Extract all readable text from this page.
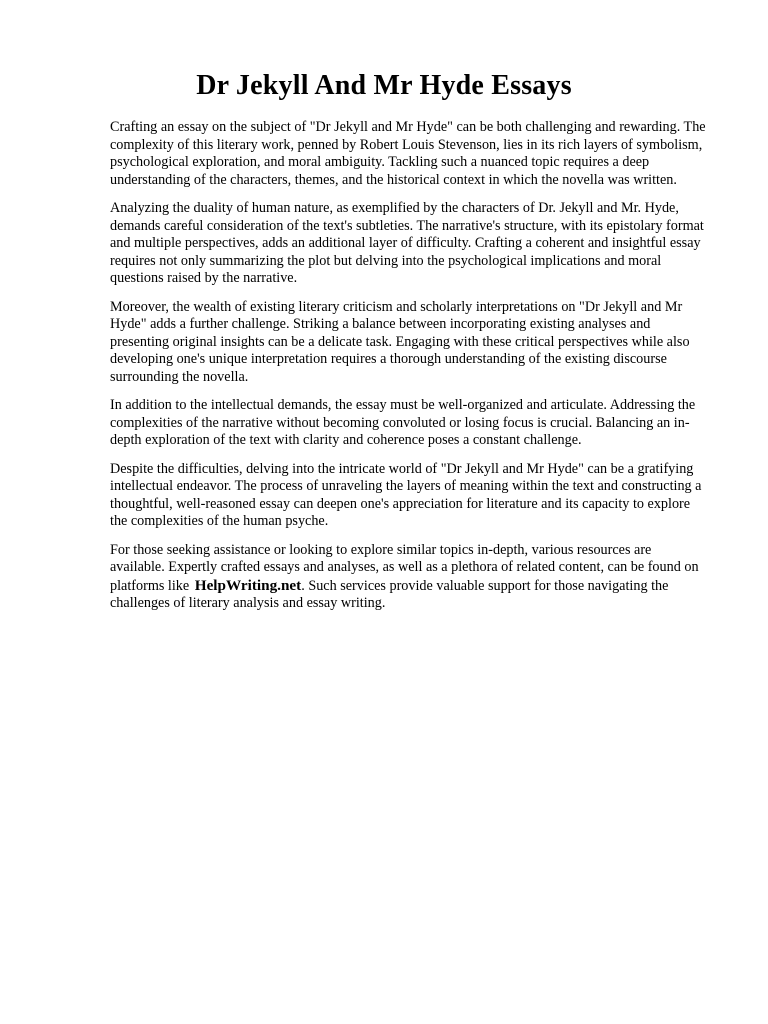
Dr Jekyll And Mr Hyde Essays

Crafting an essay on the subject of "Dr Jekyll and Mr Hyde" can be both challenging and rewarding. The complexity of this literary work, penned by Robert Louis Stevenson, lies in its rich layers of symbolism, psychological exploration, and moral ambiguity. Tackling such a nuanced topic requires a deep understanding of the characters, themes, and the historical context in which the novella was written.

Analyzing the duality of human nature, as exemplified by the characters of Dr. Jekyll and Mr. Hyde, demands careful consideration of the text's subtleties. The narrative's structure, with its epistolary format and multiple perspectives, adds an additional layer of difficulty. Crafting a coherent and insightful essay requires not only summarizing the plot but delving into the psychological implications and moral questions raised by the narrative.

Moreover, the wealth of existing literary criticism and scholarly interpretations on "Dr Jekyll and Mr Hyde" adds a further challenge. Striking a balance between incorporating existing analyses and presenting original insights can be a delicate task. Engaging with these critical perspectives while also developing one's unique interpretation requires a thorough understanding of the existing discourse surrounding the novella.

In addition to the intellectual demands, the essay must be well-organized and articulate. Addressing the complexities of the narrative without becoming convoluted or losing focus is crucial. Balancing an in-depth exploration of the text with clarity and coherence poses a constant challenge.

Despite the difficulties, delving into the intricate world of "Dr Jekyll and Mr Hyde" can be a gratifying intellectual endeavor. The process of unraveling the layers of meaning within the text and constructing a thoughtful, well-reasoned essay can deepen one's appreciation for literature and its capacity to explore the complexities of the human psyche.

For those seeking assistance or looking to explore similar topics in-depth, various resources are available. Expertly crafted essays and analyses, as well as a plethora of related content, can be found on platforms like HelpWriting.net. Such services provide valuable support for those navigating the challenges of literary analysis and essay writing.
